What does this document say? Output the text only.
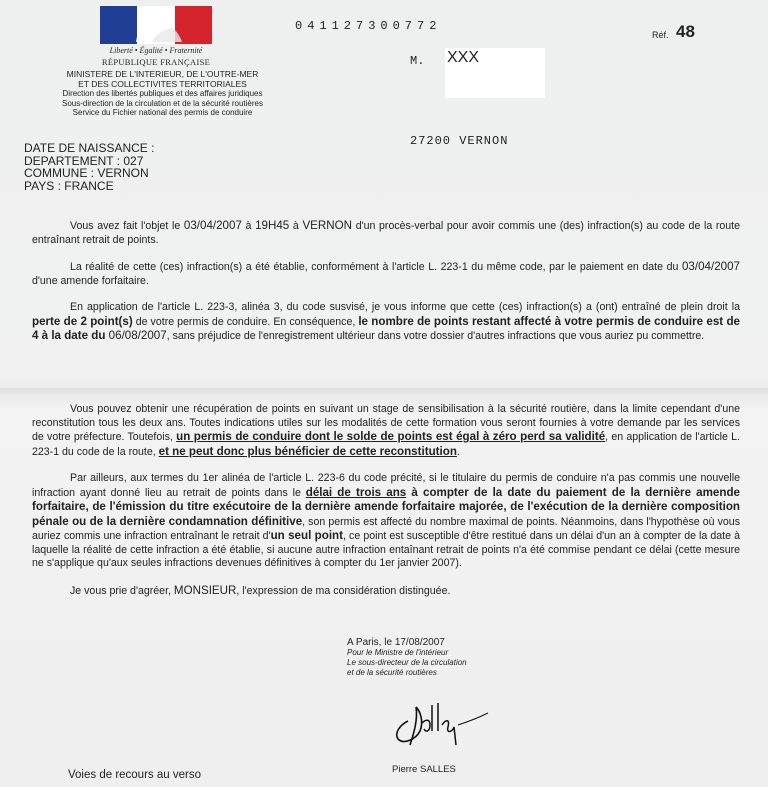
Liberté • Égalité • Fraternité
RÉPUBLIQUE FRANÇAISE
MINISTERE DE L'INTERIEUR, DE L'OUTRE-MER
ET DES COLLECTIVITES TERRITORIALES
Direction des libertés publiques et des affaires juridiques
Sous-direction de la circulation et de la sécurité routières
Service du Fichier national des permis de conduire
041127300772
Réf. 48
M. XXX
27200 VERNON
DATE DE NAISSANCE :
DEPARTEMENT : 027
COMMUNE : VERNON
PAYS : FRANCE

Vous avez fait l'objet le 03/04/2007 à 19H45 à VERNON d'un procès-verbal pour avoir commis une (des) infraction(s) au code de la route entraînant retrait de points.

La réalité de cette (ces) infraction(s) a été établie, conformément à l'article L. 223-1 du même code, par le paiement en date du 03/04/2007 d'une amende forfaitaire.

En application de l'article L. 223-3, alinéa 3, du code susvisé, je vous informe que cette (ces) infraction(s) a (ont) entraîné de plein droit la perte de 2 point(s) de votre permis de conduire. En conséquence, le nombre de points restant affecté à votre permis de conduire est de 4 à la date du 06/08/2007, sans préjudice de l'enregistrement ultérieur dans votre dossier d'autres infractions que vous auriez pu commettre.

Vous pouvez obtenir une récupération de points en suivant un stage de sensibilisation à la sécurité routière, dans la limite cependant d'une reconstitution tous les deux ans. Toutes indications utiles sur les modalités de cette formation vous seront fournies à votre demande par les services de votre préfecture. Toutefois, un permis de conduire dont le solde de points est égal à zéro perd sa validité, en application de l'article L. 223-1 du code de la route, et ne peut donc plus bénéficier de cette reconstitution.

Par ailleurs, aux termes du 1er alinéa de l'article L. 223-6 du code précité, si le titulaire du permis de conduire n'a pas commis une nouvelle infraction ayant donné lieu au retrait de points dans le délai de trois ans à compter de la date du paiement de la dernière amende forfaitaire, de l'émission du titre exécutoire de la dernière amende forfaitaire majorée, de l'exécution de la dernière composition pénale ou de la dernière condamnation définitive, son permis est affecté du nombre maximal de points. Néanmoins, dans l'hypothèse où vous auriez commis une infraction entraînant le retrait d'un seul point, ce point est susceptible d'être restitué dans un délai d'un an à compter de la date à laquelle la réalité de cette infraction a été établie, si aucune autre infraction entaînant retrait de points n'a été commise pendant ce délai (cette mesure ne s'applique qu'aux seules infractions devenues définitives à compter du 1er janvier 2007).

Je vous prie d'agréer, MONSIEUR, l'expression de ma considération distinguée.

A Paris, le 17/08/2007
Pour le Ministre de l'intérieur
Le sous-directeur de la circulation
et de la sécurité routières
Pierre SALLES
Voies de recours au verso
